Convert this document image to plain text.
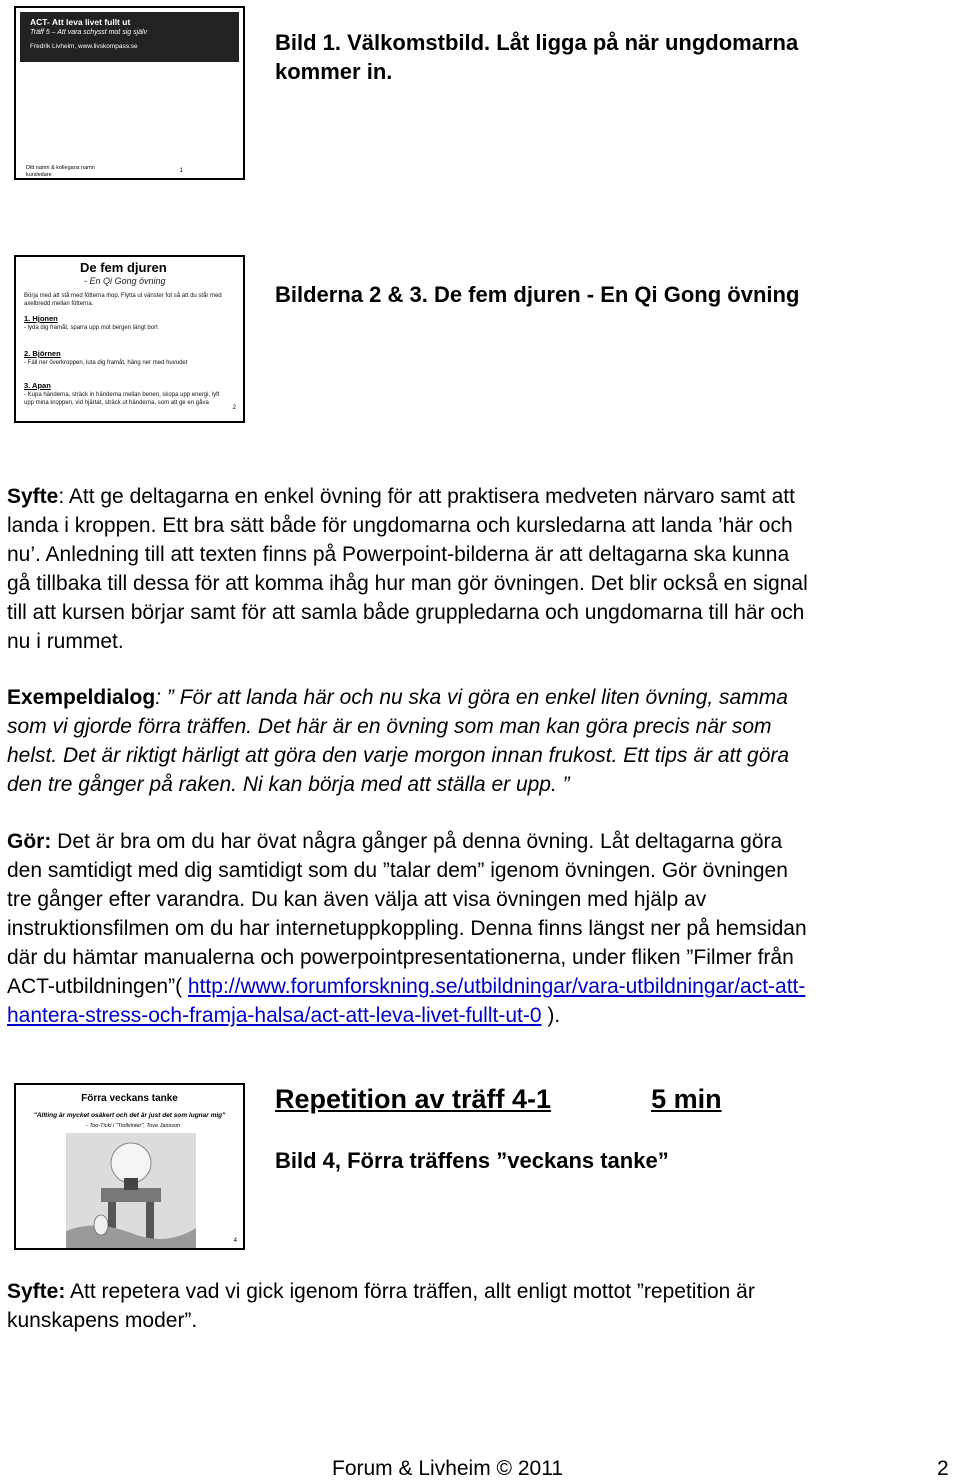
ACT- Att leva livet fullt ut
Träff 5 – Att vara schysst mot sig själv
Fredrik Livheim, www.livskompass.se
Ditt namn & kollegans namn
kursledare
1
Bild 1. Välkomstbild. Låt ligga på när ungdomarna
kommer in.
De fem djuren
- En Qi Gong övning
Börja med att stå med fötterna ihop. Flytta ut vänster fot så att du står med axelbredd mellan fötterna.
1. Hjonen
- lyda dig framåt, sparra upp mot bergen längt bort
2. Björnen
- Fäll ner överkroppen, luta dig framåt, häng ner med huvudet
3. Apan
- Kupa händerna, sträck in händerna mellan benen, skopa upp energi, lyft upp mina kroppen, vid hjärtat, sträck ut händerna, som att ge en gåva
2
Bilderna 2 & 3. De fem djuren - En Qi Gong övning
Syfte: Att ge deltagarna en enkel övning för att praktisera medveten närvaro samt att
landa i kroppen. Ett bra sätt både för ungdomarna och kursledarna att landa ’här och
nu’. Anledning till att texten finns på Powerpoint-bilderna är att deltagarna ska kunna
gå tillbaka till dessa för att komma ihåg hur man gör övningen. Det blir också en signal
till att kursen börjar samt för att samla både gruppledarna och ungdomarna till här och
nu i rummet.
Exempeldialog: ” För att landa här och nu ska vi göra en enkel liten övning, samma
som vi gjorde förra träffen. Det här är en övning som man kan göra precis när som
helst. Det är riktigt härligt att göra den varje morgon innan frukost. Ett tips är att göra
den tre gånger på raken. Ni kan börja med att ställa er upp. ”
Gör: Det är bra om du har övat några gånger på denna övning. Låt deltagarna göra
den samtidigt med dig samtidigt som du ”talar dem” igenom övningen. Gör övningen
tre gånger efter varandra. Du kan även välja att visa övningen med hjälp av
instruktionsfilmen om du har internetuppkoppling. Denna finns längst ner på hemsidan
där du hämtar manualerna och powerpointpresentationerna, under fliken ”Filmer från
ACT-utbildningen”( http://www.forumforskning.se/utbildningar/vara-utbildningar/act-att-
hantera-stress-och-framja-halsa/act-att-leva-livet-fullt-ut-0 ).
Förra veckans tanke
"Allting är mycket osäkert och det är just det som lugnar mig"
- Too-Ticki i "Trollvinter", Tove Jansson
4
Repetition av träff 4-1	5 min
Bild 4, Förra träffens ”veckans tanke”
Syfte: Att repetera vad vi gick igenom förra träffen, allt enligt mottot ”repetition är
kunskapens moder”.
Forum & Livheim © 2011	2
